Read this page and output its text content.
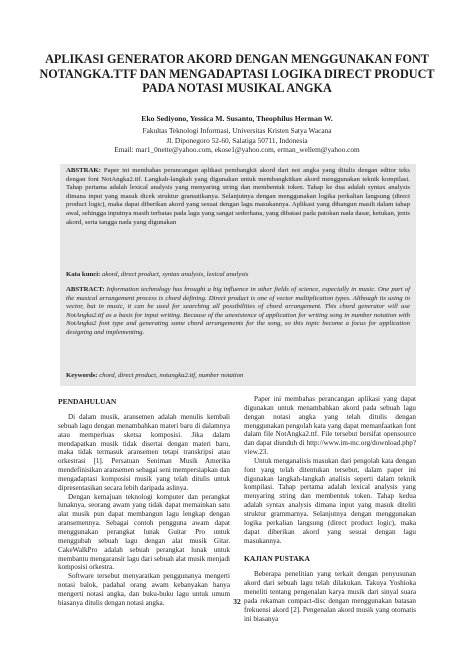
APLIKASI GENERATOR AKORD DENGAN MENGGUNAKAN FONT
NOTANGKA.TTF DAN MENGADAPTASI LOGIKA DIRECT PRODUCT
PADA NOTASI MUSIKAL ANGKA
Eko Sediyono, Yessica M. Susanto, Theophilus Herman W.
Fakultas Teknologi Informasi, Universitas Kristen Satya Wacana
Jl. Diponegoro 52-60, Salatiga 50711, Indonesia
Email: mar1_0nette@yahoo.com, ekose1@yahoo.com, erman_wellem@yahoo.com
ABSTRAK: Paper ini membahas perancangan aplikasi pembangkit akord dari not angka yang ditulis dengan editor teks dengan font NotAngka2.ttf. Langkah-langkah yang digunakan untuk membangkitkan akord menggunakan teknik kompilasi. Tahap pertama adalah lexical analysis yang menyaring string dan membentuk token. Tahap ke dua adalah syntax analysis dimana input yang masuk dicek struktur gramatikanya. Selanjutnya dengan menggunakan logika perkalian langsung (direct product logic), maka dapat diberikan akord yang sesuai dengan lagu masukannya. Aplikasi yang dibangun masih dalam tahap awal, sehingga inputnya masih terbatas pada lagu yang sangat sederhana, yang dibatasi pada patokan nada dasar, ketukan, jenis akord, serta tangga nada yang digunakan
Kata kunci: akord, direct product, syntax analysis, lexical analysis
ABSTRACT: Information technology has brought a big influence in other fields of science, especially in music. One part of the musical arrangement process is chord defining. Direct product is one of vector multiplication types. Although its using in vector, but in music, it can be used for searching all possibilities of chord arrangement. This chord generator will use NotAngka2.ttf as a basis for input writing. Because of the unexistence of application for writing song in number notation with NotAngka2 font type and generating some chord arrangements for the song, so this topic become a focus for application designing and implementing.
Keywords: chord, direct product, notangka2.ttf, number notation
PENDAHULUAN

Di dalam musik, aransemen adalah menulis kembali sebuah lagu dengan menambahkan materi baru di dalamnya atau memperluas sketsa komposisi. Jika dalam mendapatkan musik tidak disertai dengan materi baru, maka tidak termasuk aransemen tetapi transkripsi atau orkestrasi [1]. Persatuan Seniman Musik Amerika mendefinisikan aransemen sebagai seni mempersiapkan dan mengadaptasi komposisi musik yang telah ditulis untuk dipresentasikan secara lebih daripada aslinya.

Dengan kemajuan teknologi komputer dan perangkat lunaknya, seorang awam yang tidak dapat memainkan satu alat musik pun dapat membangun lagu lengkap dengan aransemennya. Sebagai contoh pengguna awam dapat menggunakan perangkat lunak Guitar Pro untuk menggubah sebuah lagu dengan alat musik Gitar. CakeWalkPro adalah sebuah perangkat lunak untuk membantu mengaransir lagu dari sebuah alat musik menjadi komposisi orkestra.

Software tersebut menyaratkan penggunanya mengerti notasi balok, padahal orang awam kebanyakan hanya mengerti notasi angka, dan buku-buku lagu untuk umum biasanya ditulis dengan notasi angka.

Paper ini membahas perancangan aplikasi yang dapat digunakan untuk menambahkan akord pada sebuah lagu dengan notasi angka yang telah ditulis dengan menggunakan pengolah kata yang dapat memanfaatkan font dalam file NotAngka2.ttf. File tersebut bersifat opensource dan dapat diunduh di http://www.im-mc.org/download.php? view.23.

Untuk menganalisis masukan dari pengolah kata dengan font yang telah ditentukan tersebut, dalam paper ini digunakan langkah-langkah analisis seperti dalam teknik kompilasi. Tahap pertama adalah lexical analysis yang menyaring string dan membentuk token. Tahap kedua adalah syntax analysis dimana input yang masuk diteliti struktur grammarnya. Selanjutnya dengan menggunakan logika perkalian langsung (direct product logic), maka dapat diberikan akord yang sesuai dengan lagu masukannya.

KAJIAN PUSTAKA

Beberapa penelitian yang terkait dengan penyusunan akord dari sebuah lagu telah dilakukan. Takuya Yoshioka meneliti tentang pengenalan karya musik dari sinyal suara pada rekaman compact-disc dengan menggunakan batasan frekuensi akord [2]. Pengenalan akord musik yang otomatis ini biasanya

32
